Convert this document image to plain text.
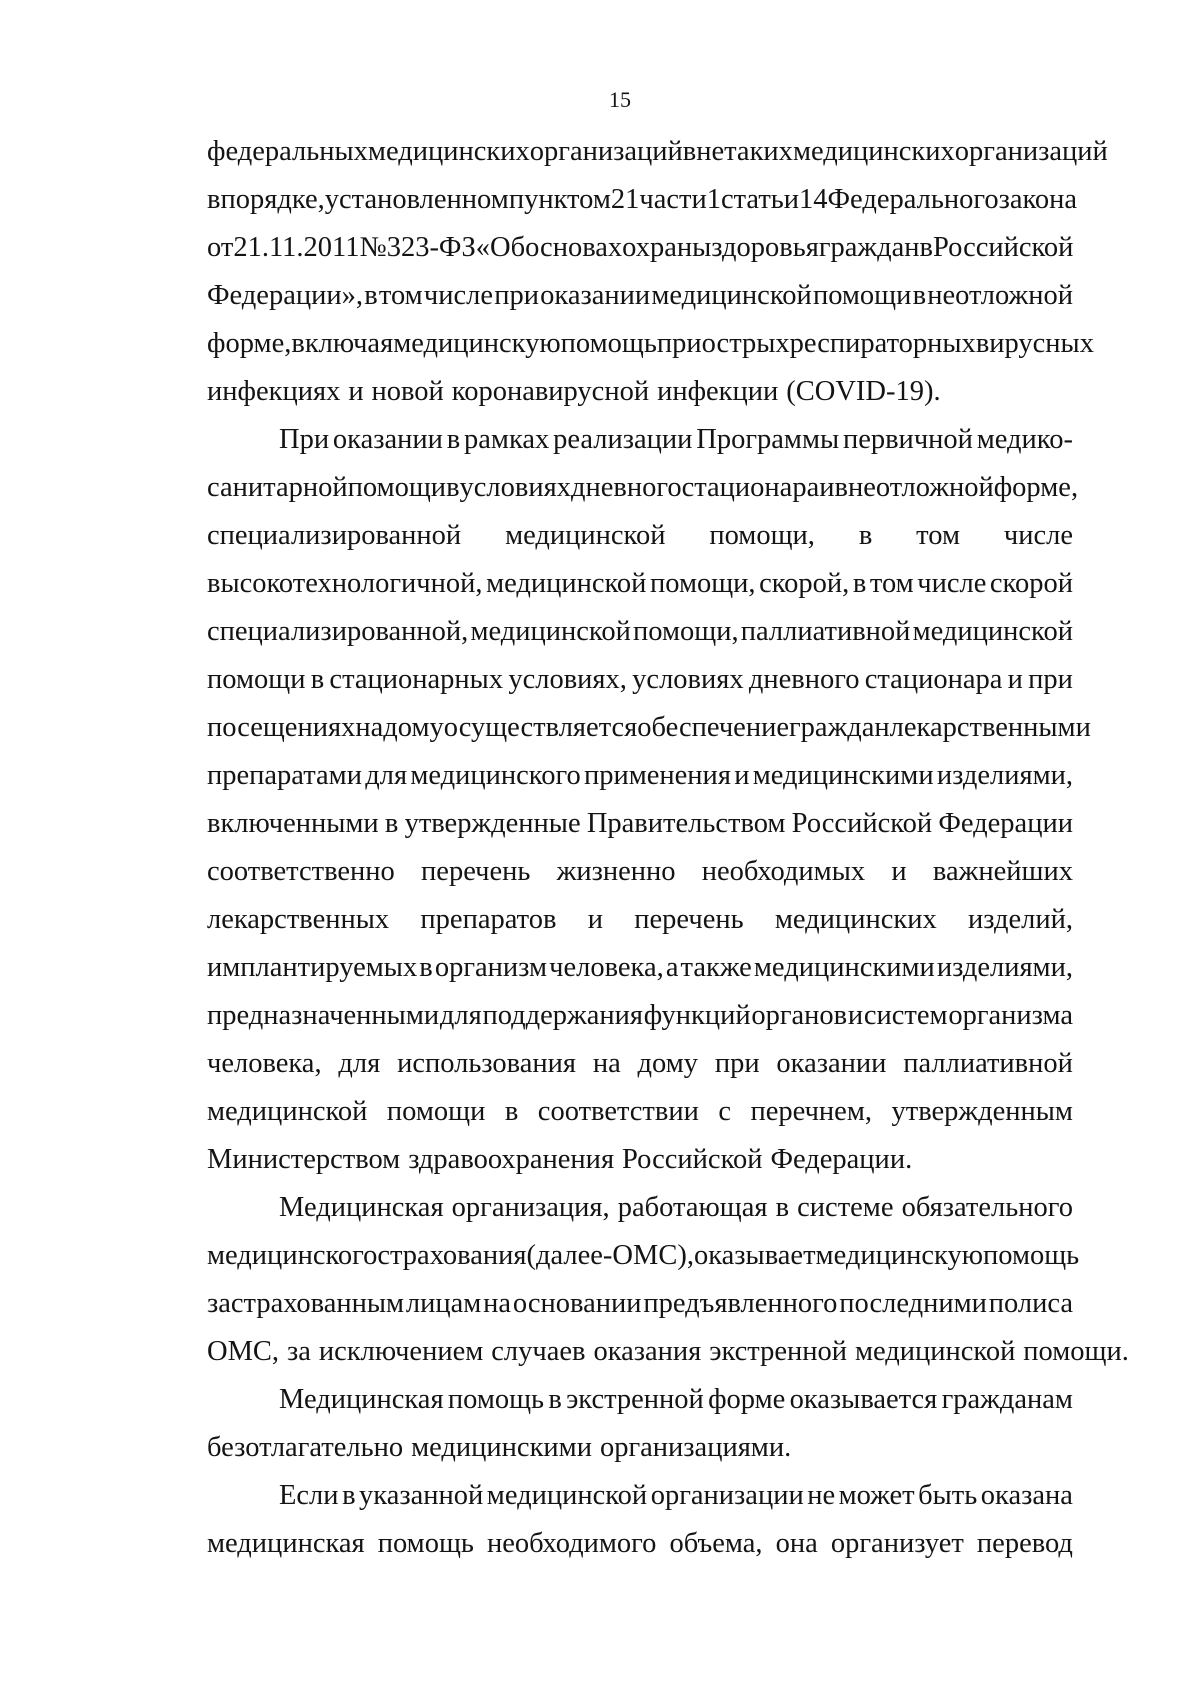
15
федеральных медицинских организаций вне таких медицинских организаций
в порядке, установленном пунктом 21 части 1 статьи 14 Федерального закона
от 21.11.2011 № 323-ФЗ «Об основах охраны здоровья граждан в Российской
Федерации», в том числе при оказании медицинской помощи в неотложной
форме, включая медицинскую помощь при острых респираторных вирусных
инфекциях и новой коронавирусной инфекции (COVID-19).
При оказании в рамках реализации Программы первичной медико-
санитарной помощи в условиях дневного стационара и в неотложной форме,
специализированной медицинской помощи, в том числе
высокотехнологичной, медицинской помощи, скорой, в том числе скорой
специализированной, медицинской помощи, паллиативной медицинской
помощи в стационарных условиях, условиях дневного стационара и при
посещениях на дому осуществляется обеспечение граждан лекарственными
препаратами для медицинского применения и медицинскими изделиями,
включенными в утвержденные Правительством Российской Федерации
соответственно перечень жизненно необходимых и важнейших
лекарственных препаратов и перечень медицинских изделий,
имплантируемых в организм человека, а также медицинскими изделиями,
предназначенными для поддержания функций органов и систем организма
человека, для использования на дому при оказании паллиативной
медицинской помощи в соответствии с перечнем, утвержденным
Министерством здравоохранения Российской Федерации.
Медицинская организация, работающая в системе обязательного
медицинского страхования (далее - ОМС), оказывает медицинскую помощь
застрахованным лицам на основании предъявленного последними полиса
ОМС, за исключением случаев оказания экстренной медицинской помощи.
Медицинская помощь в экстренной форме оказывается гражданам
безотлагательно медицинскими организациями.
Если в указанной медицинской организации не может быть оказана
медицинская помощь необходимого объема, она организует перевод
